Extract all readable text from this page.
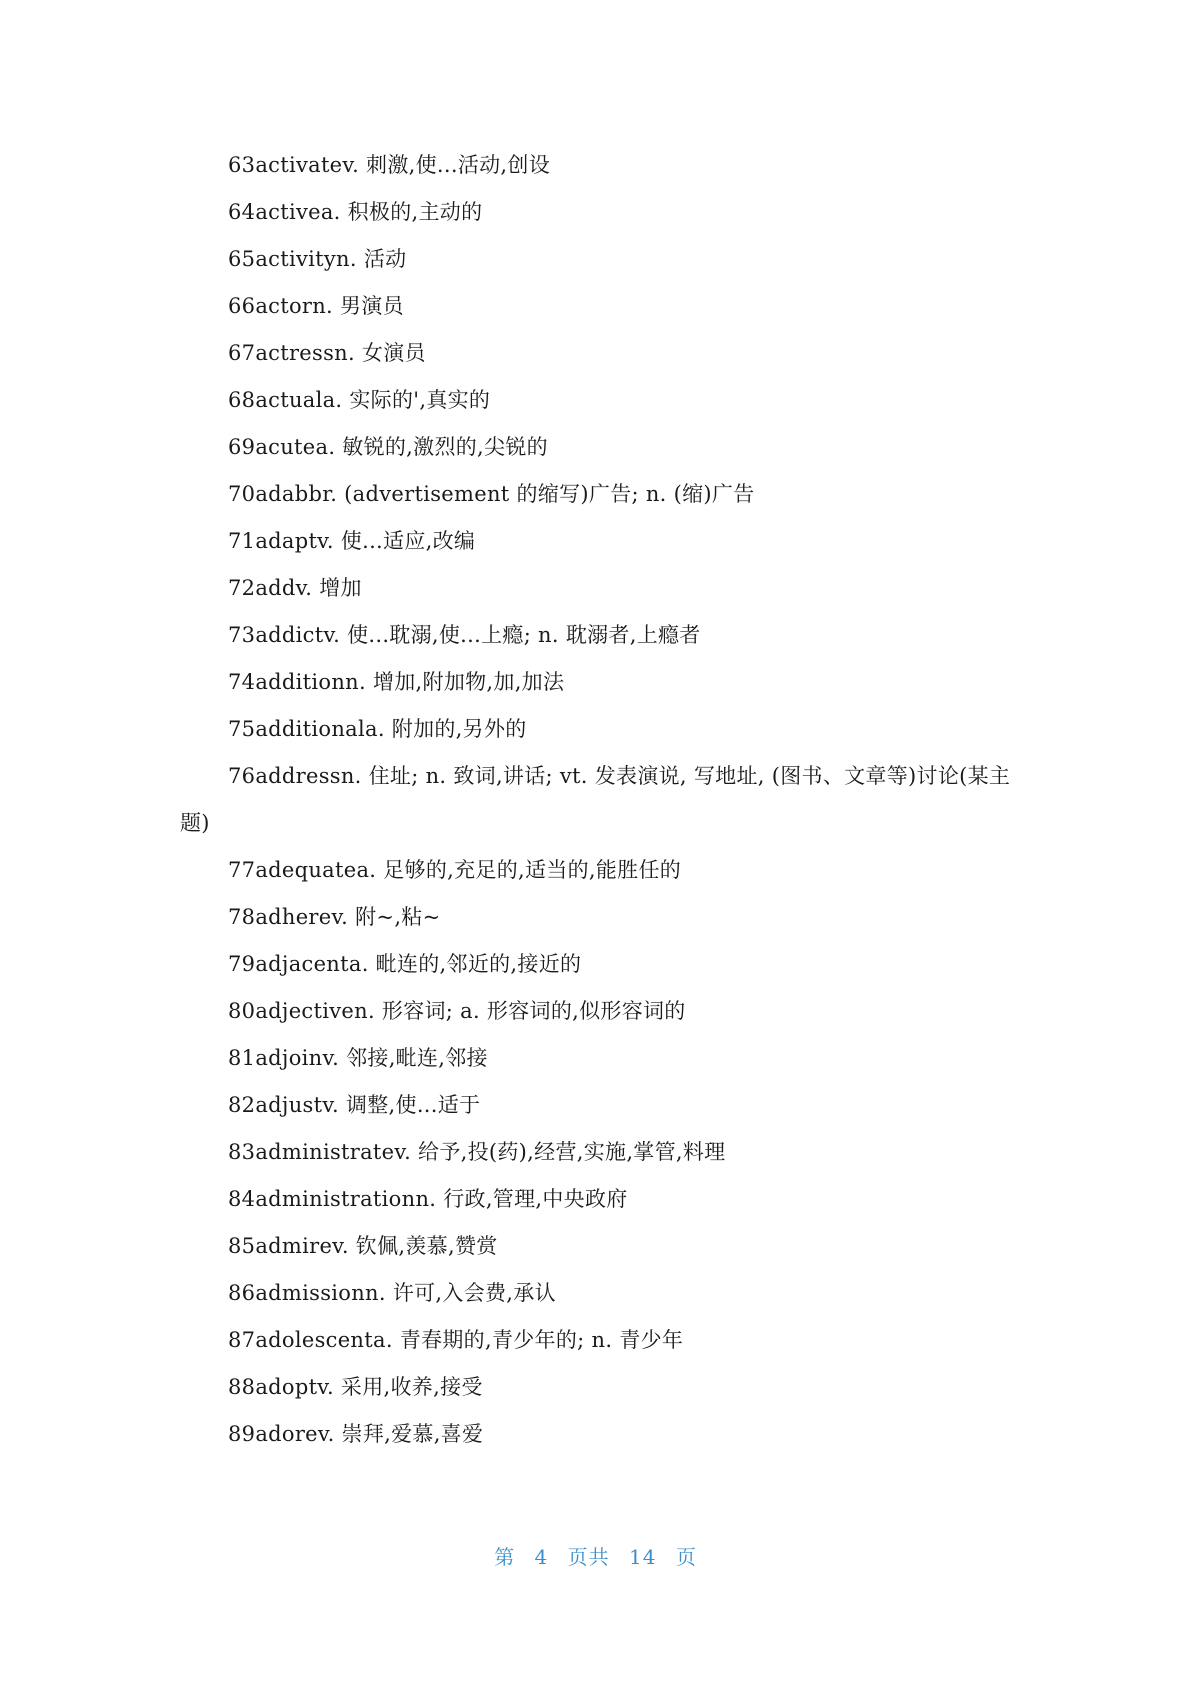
63activatev. 刺激,使...活动,创设

64activea. 积极的,主动的

65activityn. 活动

66actorn. 男演员

67actressn. 女演员

68actuala. 实际的',真实的

69acutea. 敏锐的,激烈的,尖锐的

70adabbr. (advertisement 的缩写)广告; n. (缩)广告

71adaptv. 使...适应,改编

72addv. 增加

73addictv. 使...耽溺,使...上瘾; n. 耽溺者,上瘾者

74additionn. 增加,附加物,加,加法

75additionala. 附加的,另外的

76addressn. 住址; n. 致词,讲话; vt. 发表演说, 写地址, (图书、文章等)讨论(某主题)

77adequatea. 足够的,充足的,适当的,能胜任的

78adherev. 附~,粘~

79adjacenta. 毗连的,邻近的,接近的

80adjectiven. 形容词; a. 形容词的,似形容词的

81adjoinv. 邻接,毗连,邻接

82adjustv. 调整,使...适于

83administratev. 给予,投(药),经营,实施,掌管,料理

84administrationn. 行政,管理,中央政府

85admirev. 钦佩,羡慕,赞赏

86admissionn. 许可,入会费,承认

87adolescenta. 青春期的,青少年的; n. 青少年

88adoptv. 采用,收养,接受

89adorev. 崇拜,爱慕,喜爱

第 4 页共 14 页
